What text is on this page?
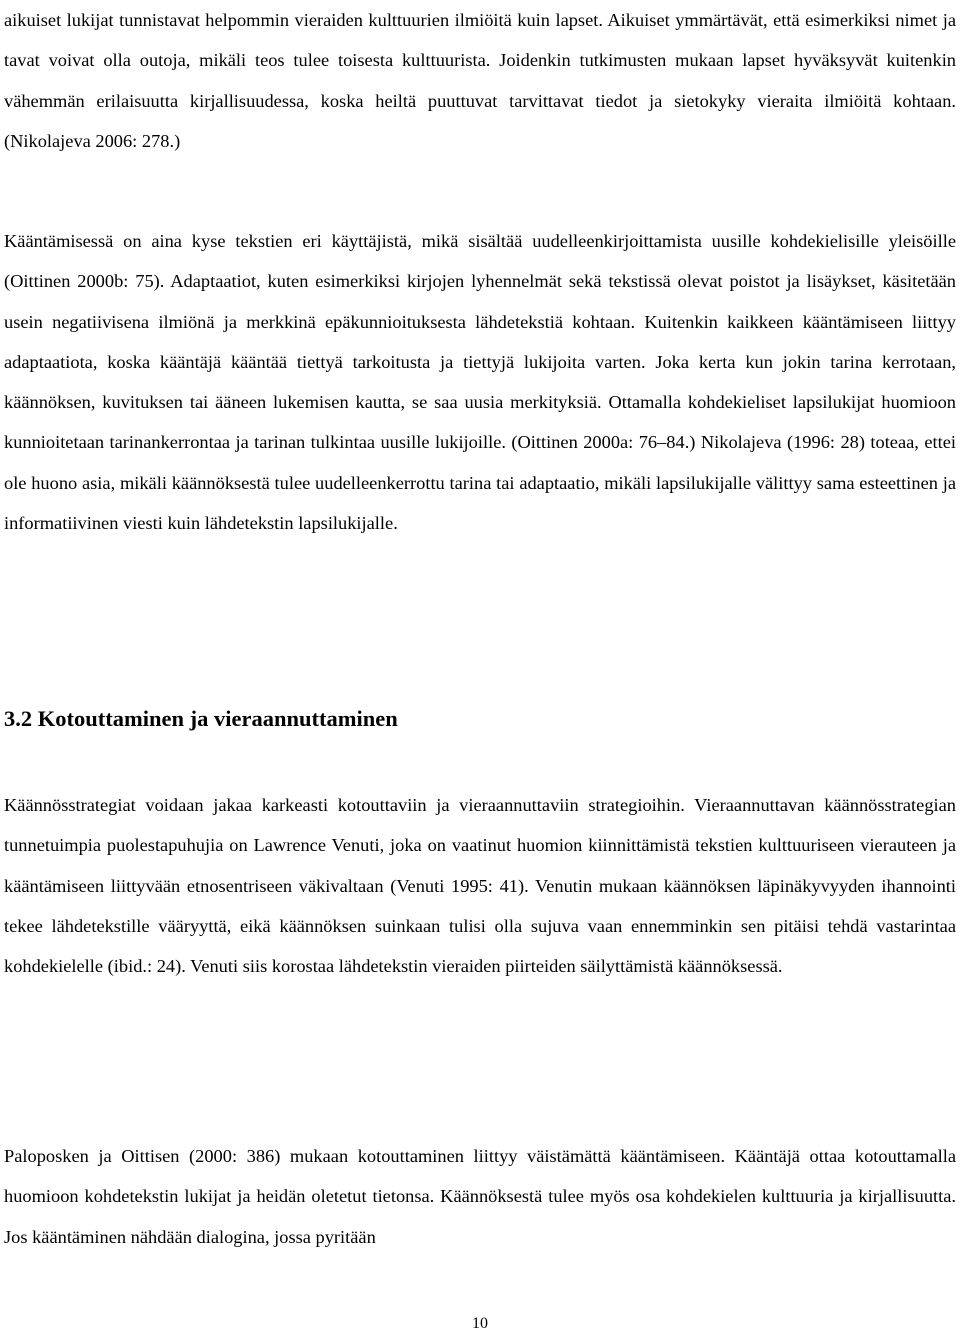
aikuiset lukijat tunnistavat helpommin vieraiden kulttuurien ilmiöitä kuin lapset. Aikuiset ymmärtävät, että esimerkiksi nimet ja tavat voivat olla outoja, mikäli teos tulee toisesta kulttuurista. Joidenkin tutkimusten mukaan lapset hyväksyvät kuitenkin vähemmän erilaisuutta kirjallisuudessa, koska heiltä puuttuvat tarvittavat tiedot ja sietokyky vieraita ilmiöitä kohtaan. (Nikolajeva 2006: 278.)

Kääntämisessä on aina kyse tekstien eri käyttäjistä, mikä sisältää uudelleenkirjoittamista uusille kohdekielisille yleisöille (Oittinen 2000b: 75). Adaptaatiot, kuten esimerkiksi kirjojen lyhennelmät sekä tekstissä olevat poistot ja lisäykset, käsitetään usein negatiivisena ilmiönä ja merkkinä epäkunnioituksesta lähdetekstiä kohtaan. Kuitenkin kaikkeen kääntämiseen liittyy adaptaatiota, koska kääntäjä kääntää tiettyä tarkoitusta ja tiettyjä lukijoita varten. Joka kerta kun jokin tarina kerrotaan, käännöksen, kuvituksen tai ääneen lukemisen kautta, se saa uusia merkityksiä. Ottamalla kohdekieliset lapsilukijat huomioon kunnioitetaan tarinankerrontaa ja tarinan tulkintaa uusille lukijoille. (Oittinen 2000a: 76–84.) Nikolajeva (1996: 28) toteaa, ettei ole huono asia, mikäli käännöksestä tulee uudelleenkerrottu tarina tai adaptaatio, mikäli lapsilukijalle välittyy sama esteettinen ja informatiivinen viesti kuin lähdetekstin lapsilukijalle.

3.2 Kotouttaminen ja vieraannuttaminen

Käännösstrategiat voidaan jakaa karkeasti kotouttaviin ja vieraannuttaviin strategioihin. Vieraannuttavan käännösstrategian tunnetuimpia puolestapuhujia on Lawrence Venuti, joka on vaatinut huomion kiinnittämistä tekstien kulttuuriseen vierauteen ja kääntämiseen liittyvään etnosentriseen väkivaltaan (Venuti 1995: 41). Venutin mukaan käännöksen läpinäkyvyyden ihannointi tekee lähdetekstille vääryyttä, eikä käännöksen suinkaan tulisi olla sujuva vaan ennemminkin sen pitäisi tehdä vastarintaa kohdekielelle (ibid.: 24). Venuti siis korostaa lähdetekstin vieraiden piirteiden säilyttämistä käännöksessä.

Paloposken ja Oittisen (2000: 386) mukaan kotouttaminen liittyy väistämättä kääntämiseen. Kääntäjä ottaa kotouttamalla huomioon kohdetekstin lukijat ja heidän oletetut tietonsa. Käännöksestä tulee myös osa kohdekielen kulttuuria ja kirjallisuutta. Jos kääntäminen nähdään dialogina, jossa pyritään

10
